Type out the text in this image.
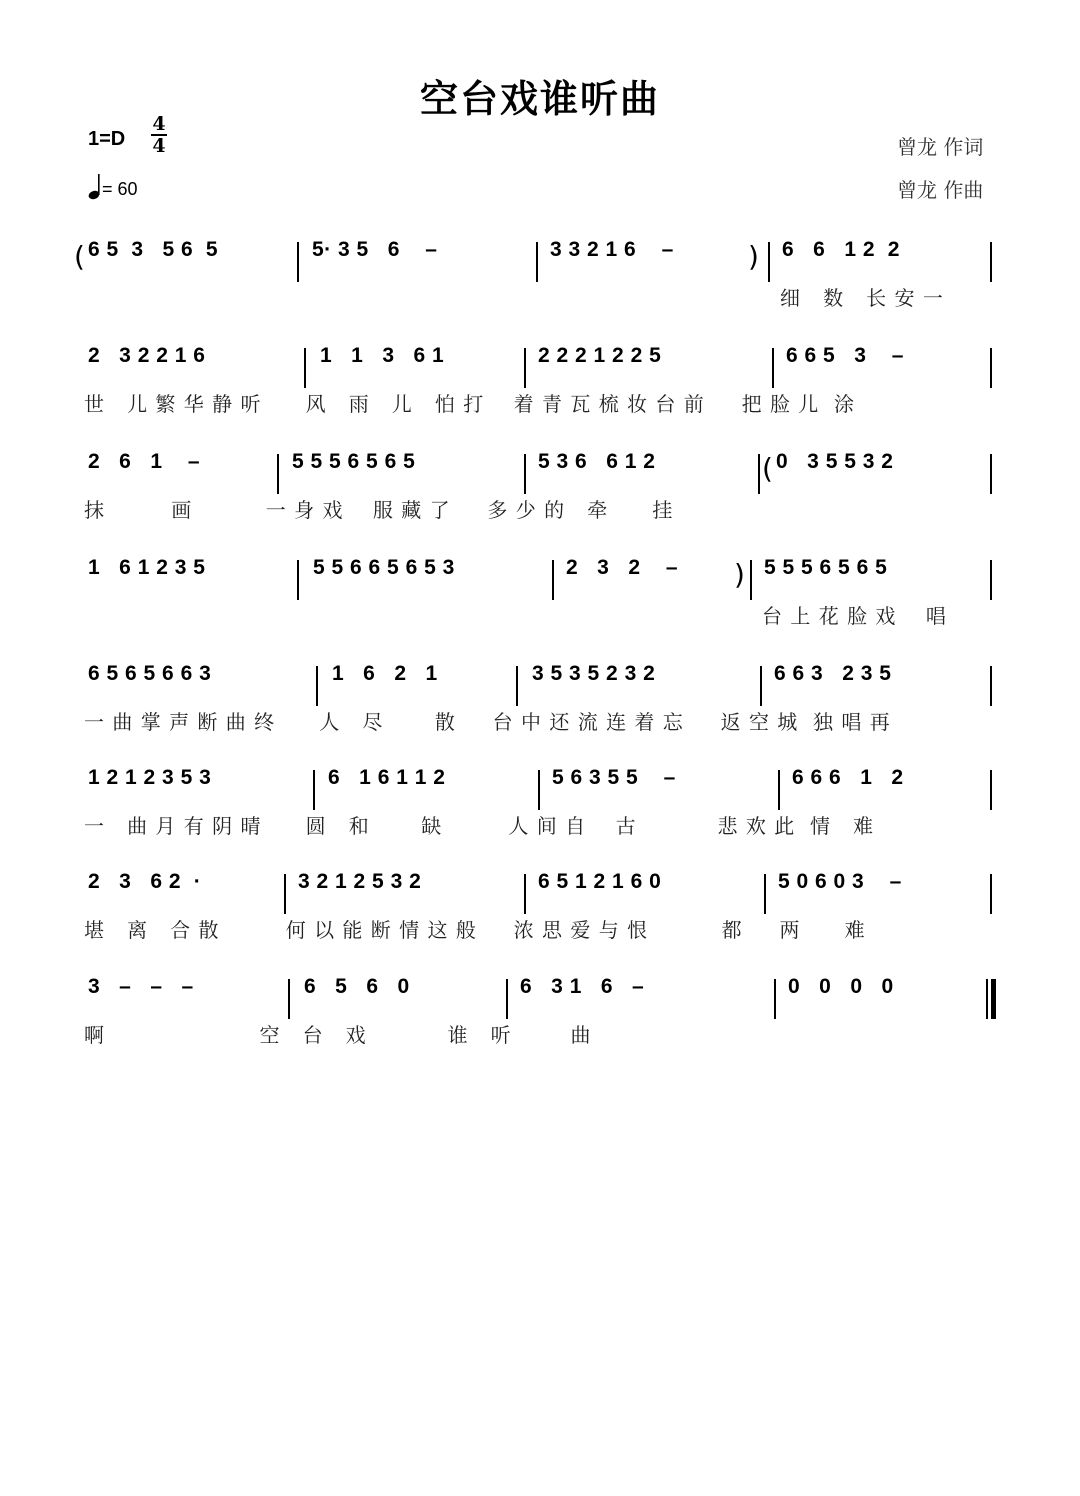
空台戏谁听曲
1=D
4
4
= 60
曾龙 作词
曾龙 作曲
( 6 5  3   5 6  5	5· 3 5   6    –	3 3 2 1 6    –	) 6   6   1 2  2
细   数   长 安 一
2   3 2 2 1 6	1   1   3   6 1	2 2 2 1 2 2 5	6 6 5   3    –
世   儿 繁 华 静 听      风   雨   儿   怕 打    着 青 瓦 梳 妆 台 前     把 脸 儿  涂
2   6   1    –	5 5 5 6 5 6 5	5 3 6   6 1 2	( 0   3 5 5 3 2
抹         画          一 身 戏    服 藏 了     多 少 的   牵      挂
1   6 1 2 3 5	5 5 6 6 5 6 5 3	2   3   2    – ) 5 5 5 6 5 6 5
台 上 花 脸 戏    唱
6 5 6 5 6 6 3	1   6   2   1	3 5 3 5 2 3 2	6 6 3   2 3 5
一 曲 掌 声 断 曲 终      人   尽       散     台 中 还 流 连 着 忘     返 空 城  独 唱 再
1 2 1 2 3 5 3	6   1 6 1 1 2	5 6 3 5 5    –	6 6 6   1   2
一   曲 月 有 阴 晴      圆   和       缺         人 间 自    古           悲 欢 此  情   难
2   3   6 2  ·	3 2 1 2 5 3 2	6 5 1 2 1 6 0	5 0 6 0 3    –
堪   离   合 散         何 以 能 断 情 这 般     浓 思 爱 与 恨          都     两      难
3   –   –   –	6   5   6   0	6   3 1   6   –	0   0   0   0
啊                     空   台   戏           谁   听        曲
